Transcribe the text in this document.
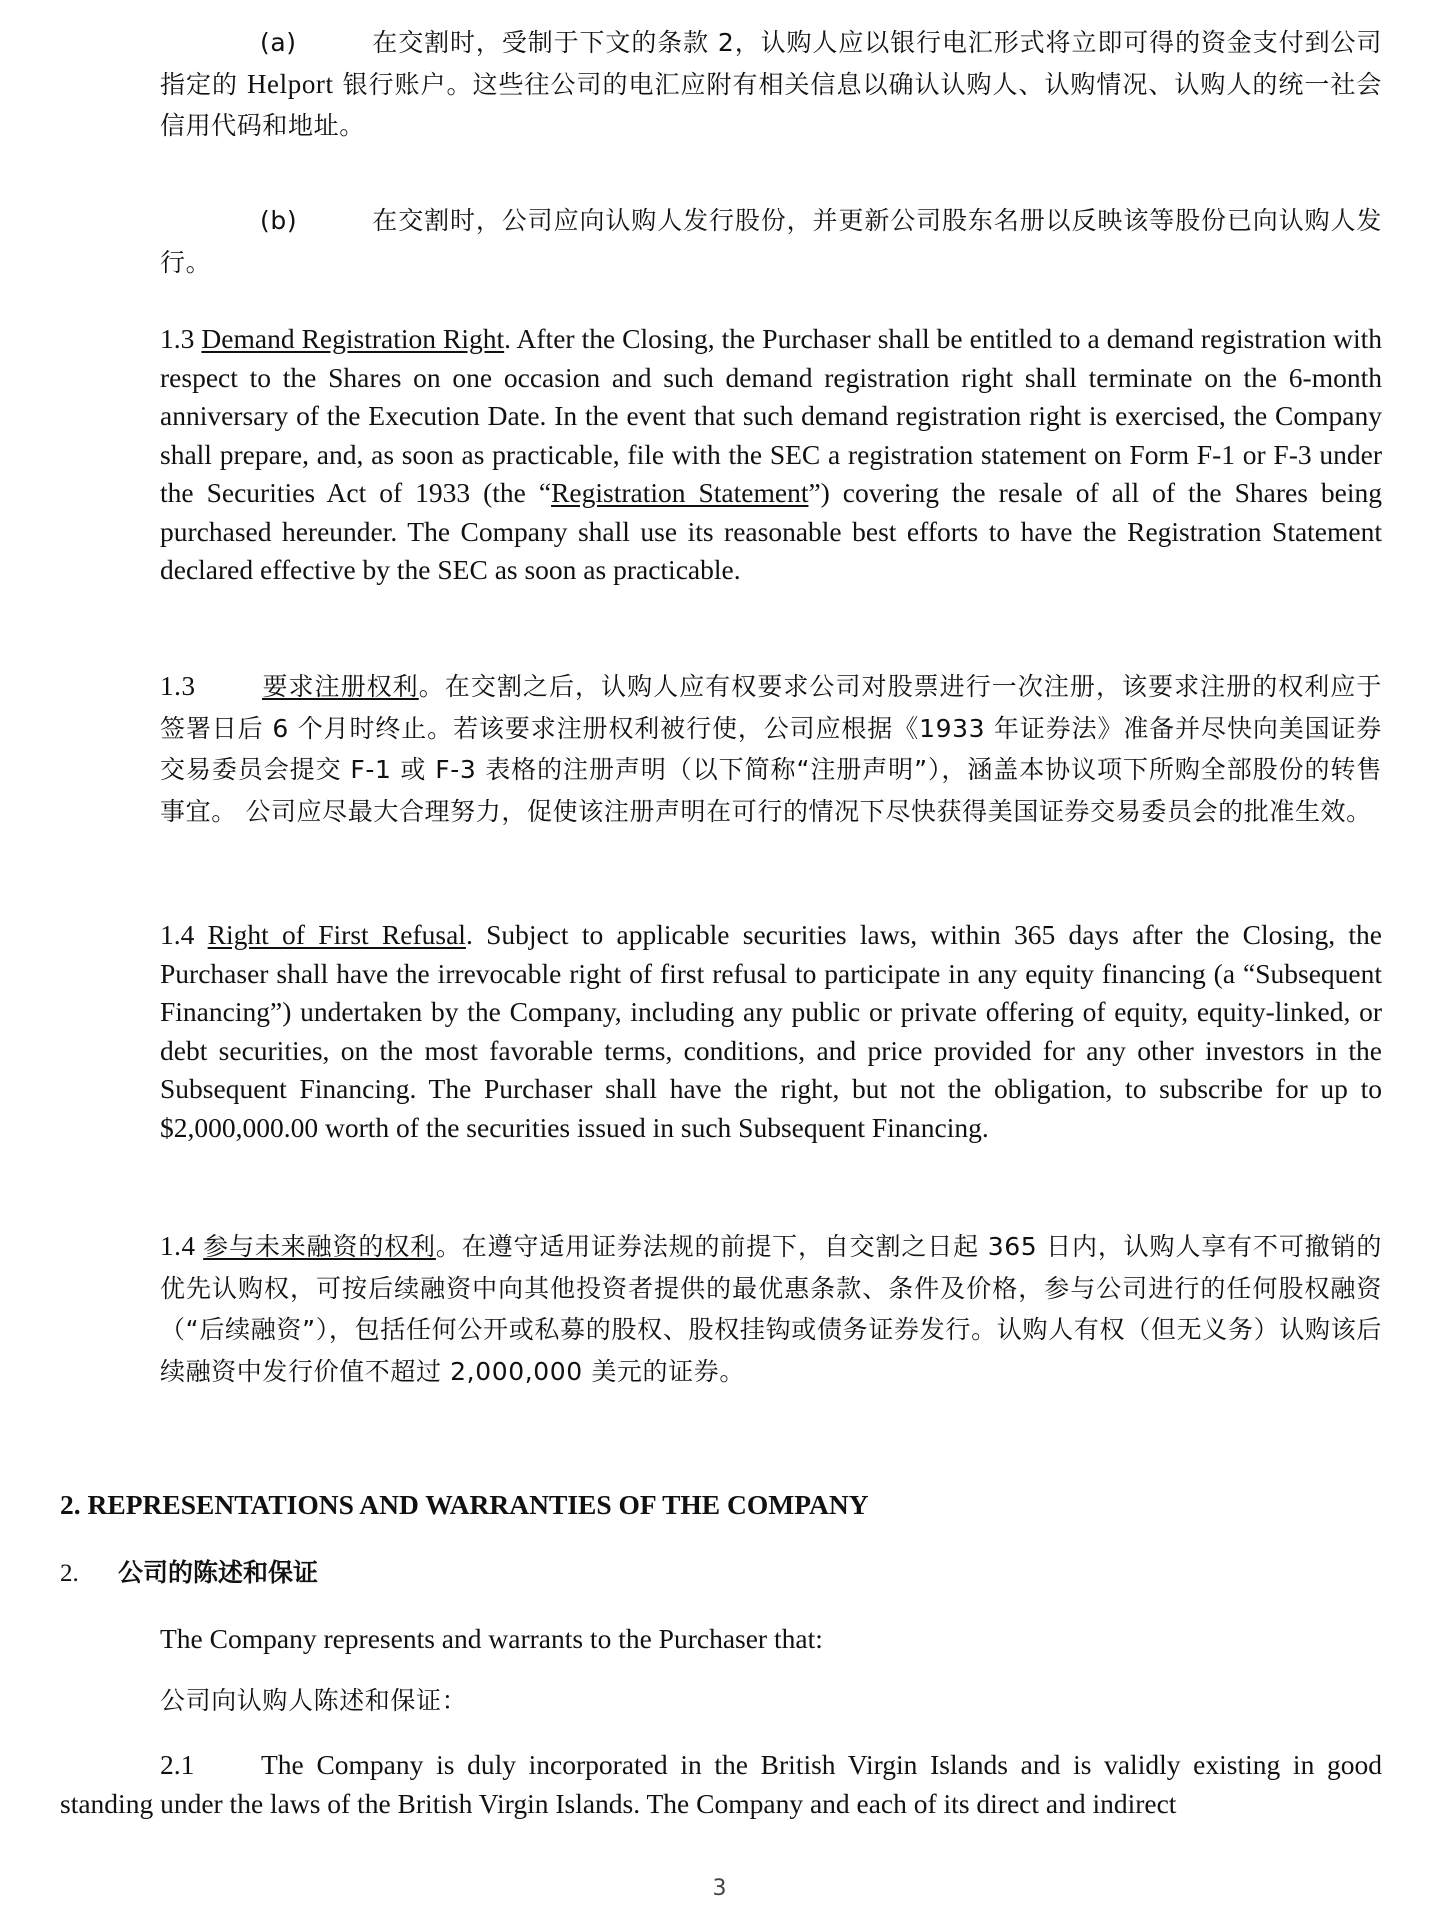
(a)	在交割时，受制于下文的条款 2，认购人应以银行电汇形式将立即可得的资金支付到公司指定的 Helport 银行账户。这些往公司的电汇应附有相关信息以确认认购人、认购情况、认购人的统一社会信用代码和地址。

(b)	在交割时，公司应向认购人发行股份，并更新公司股东名册以反映该等股份已向认购人发行。

1.3 Demand Registration Right. After the Closing, the Purchaser shall be entitled to a demand registration with respect to the Shares on one occasion and such demand registration right shall terminate on the 6-month anniversary of the Execution Date. In the event that such demand registration right is exercised, the Company shall prepare, and, as soon as practicable, file with the SEC a registration statement on Form F-1 or F-3 under the Securities Act of 1933 (the “Registration Statement”) covering the resale of all of the Shares being purchased hereunder. The Company shall use its reasonable best efforts to have the Registration Statement declared effective by the SEC as soon as practicable.

1.3	要求注册权利。在交割之后，认购人应有权要求公司对股票进行一次注册，该要求注册的权利应于签署日后 6 个月时终止。若该要求注册权利被行使，公司应根据《1933 年证券法》准备并尽快向美国证券交易委员会提交 F-1 或 F-3 表格的注册声明（以下简称“注册声明”），涵盖本协议项下所购全部股份的转售事宜。 公司应尽最大合理努力，促使该注册声明在可行的情况下尽快获得美国证券交易委员会的批准生效。

1.4 Right of First Refusal. Subject to applicable securities laws, within 365 days after the Closing, the Purchaser shall have the irrevocable right of first refusal to participate in any equity financing (a “Subsequent Financing”) undertaken by the Company, including any public or private offering of equity, equity-linked, or debt securities, on the most favorable terms, conditions, and price provided for any other investors in the Subsequent Financing. The Purchaser shall have the right, but not the obligation, to subscribe for up to $2,000,000.00 worth of the securities issued in such Subsequent Financing.

1.4 参与未来融资的权利。在遵守适用证券法规的前提下，自交割之日起 365 日内，认购人享有不可撤销的优先认购权，可按后续融资中向其他投资者提供的最优惠条款、条件及价格，参与公司进行的任何股权融资（“后续融资”），包括任何公开或私募的股权、股权挂钩或债务证券发行。认购人有权（但无义务）认购该后续融资中发行价值不超过 2,000,000 美元的证券。

2. REPRESENTATIONS AND WARRANTIES OF THE COMPANY
2. 公司的陈述和保证
The Company represents and warrants to the Purchaser that:
公司向认购人陈述和保证：

2.1 The Company is duly incorporated in the British Virgin Islands and is validly existing in good standing under the laws of the British Virgin Islands. The Company and each of its direct and indirect

3
